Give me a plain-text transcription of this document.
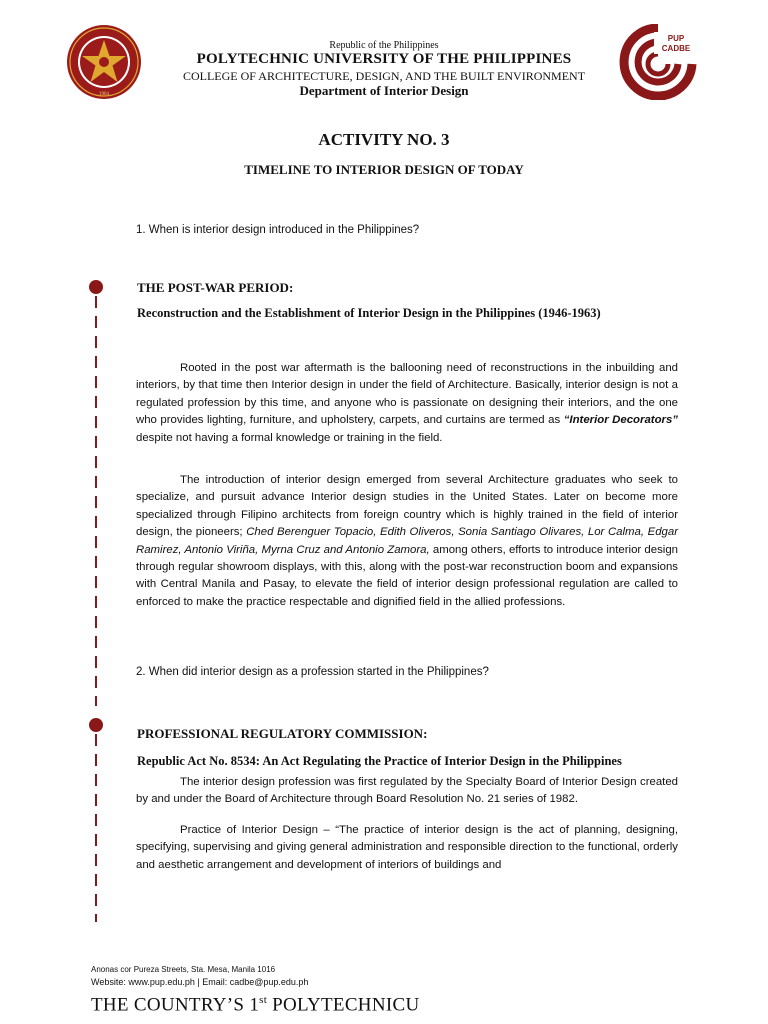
1904
PUP
CADBE
Republic of the Philippines
POLYTECHNIC UNIVERSITY OF THE PHILIPPINES
COLLEGE OF ARCHITECTURE, DESIGN, AND THE BUILT ENVIRONMENT
Department of Interior Design
ACTIVITY NO. 3
TIMELINE TO INTERIOR DESIGN OF TODAY
1. When is interior design introduced in the Philippines?
THE POST-WAR PERIOD:
Reconstruction and the Establishment of Interior Design in the Philippines (1946-1963)
Rooted in the post war aftermath is the ballooning need of reconstructions in the inbuilding and interiors, by that time then Interior design in under the field of Architecture. Basically, interior design is not a regulated profession by this time, and anyone who is passionate on designing their interiors, and the one who provides lighting, furniture, and upholstery, carpets, and curtains are termed as “Interior Decorators” despite not having a formal knowledge or training in the field.
The introduction of interior design emerged from several Architecture graduates who seek to specialize, and pursuit advance Interior design studies in the United States. Later on become more specialized through Filipino architects from foreign country which is highly trained in the field of interior design, the pioneers; Ched Berenguer Topacio, Edith Oliveros, Sonia Santiago Olivares, Lor Calma, Edgar Ramirez, Antonio Viriña, Myrna Cruz and Antonio Zamora, among others, efforts to introduce interior design through regular showroom displays, with this, along with the post-war reconstruction boom and expansions with Central Manila and Pasay, to elevate the field of interior design professional regulation are called to enforced to make the practice respectable and dignified field in the allied professions.
2. When did interior design as a profession started in the Philippines?
PROFESSIONAL REGULATORY COMMISSION:
Republic Act No. 8534: An Act Regulating the Practice of Interior Design in the Philippines
The interior design profession was first regulated by the Specialty Board of Interior Design created by and under the Board of Architecture through Board Resolution No. 21 series of 1982.
Practice of Interior Design – “The practice of interior design is the act of planning, designing, specifying, supervising and giving general administration and responsible direction to the functional, orderly and aesthetic arrangement and development of interiors of buildings and
Anonas cor Pureza Streets, Sta. Mesa, Manila 1016
Website: www.pup.edu.ph | Email: cadbe@pup.edu.ph
THE COUNTRY’S 1st POLYTECHNICU
